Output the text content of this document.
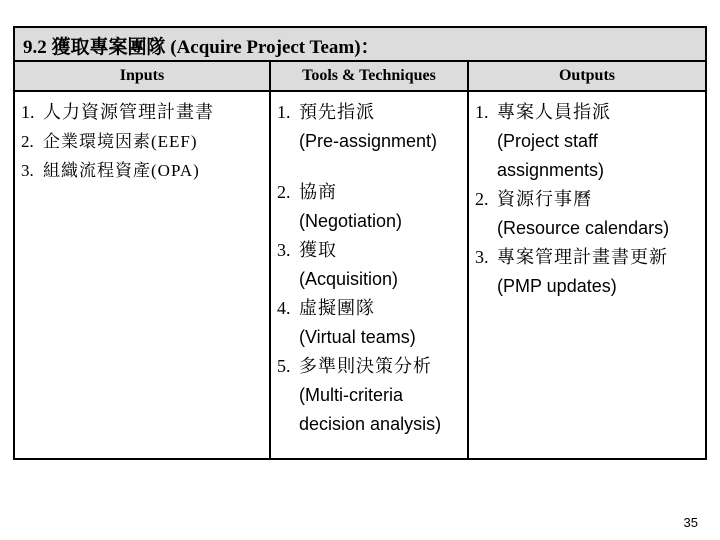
9.2 獲取專案團隊 (Acquire Project Team)：
Inputs	Tools & Techniques	Outputs
1. 人力資源管理計畫書
2. 企業環境因素(EEF)
3. 組織流程資產(OPA)
1. 預先指派
(Pre-assignment)
2. 協商
(Negotiation)
3. 獲取
(Acquisition)
4. 虛擬團隊
(Virtual teams)
5. 多準則決策分析
(Multi-criteria decision analysis)
1. 專案人員指派
(Project staff assignments)
2. 資源行事曆
(Resource calendars)
3. 專案管理計畫書更新
(PMP updates)
35
